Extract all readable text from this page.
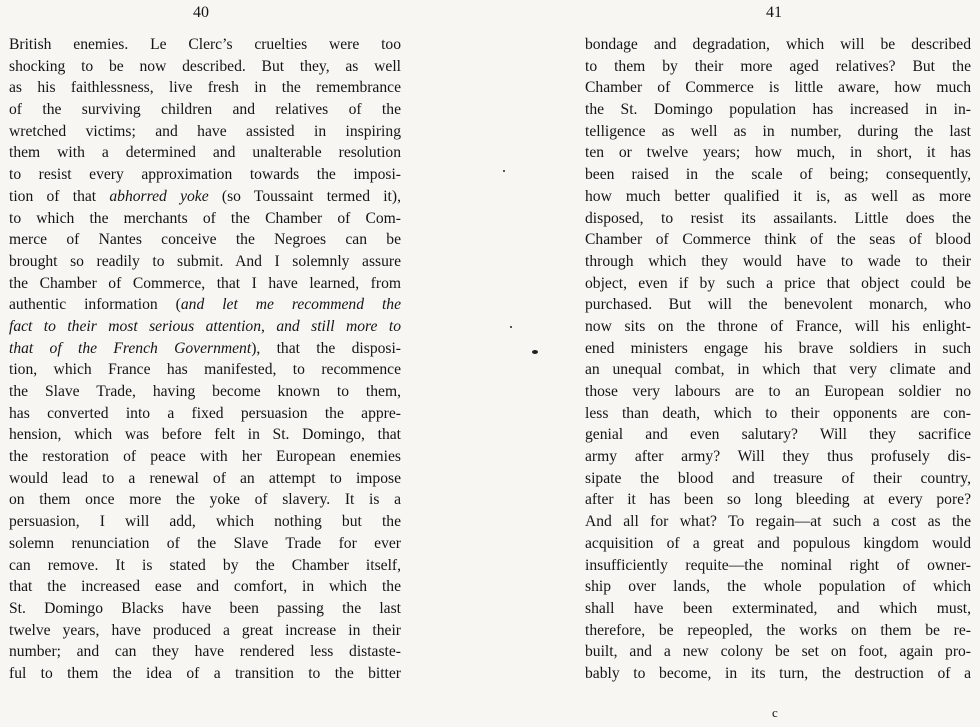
40
British enemies. Le Clerc’s cruelties were too
shocking to be now described. But they, as well
as his faithlessness, live fresh in the remembrance
of the surviving children and relatives of the
wretched victims; and have assisted in inspiring
them with a determined and unalterable resolution
to resist every approximation towards the imposi-
tion of that abhorred yoke (so Toussaint termed it),
to which the merchants of the Chamber of Com-
merce of Nantes conceive the Negroes can be
brought so readily to submit. And I solemnly assure
the Chamber of Commerce, that I have learned, from
authentic information (and let me recommend the
fact to their most serious attention, and still more to
that of the French Government), that the disposi-
tion, which France has manifested, to recommence
the Slave Trade, having become known to them,
has converted into a fixed persuasion the appre-
hension, which was before felt in St. Domingo, that
the restoration of peace with her European enemies
would lead to a renewal of an attempt to impose
on them once more the yoke of slavery. It is a
persuasion, I will add, which nothing but the
solemn renunciation of the Slave Trade for ever
can remove. It is stated by the Chamber itself,
that the increased ease and comfort, in which the
St. Domingo Blacks have been passing the last
twelve years, have produced a great increase in their
number; and can they have rendered less distaste-
ful to them the idea of a transition to the bitter
41
bondage and degradation, which will be described
to them by their more aged relatives? But the
Chamber of Commerce is little aware, how much
the St. Domingo population has increased in in-
telligence as well as in number, during the last
ten or twelve years; how much, in short, it has
been raised in the scale of being; consequently,
how much better qualified it is, as well as more
disposed, to resist its assailants. Little does the
Chamber of Commerce think of the seas of blood
through which they would have to wade to their
object, even if by such a price that object could be
purchased. But will the benevolent monarch, who
now sits on the throne of France, will his enlight-
ened ministers engage his brave soldiers in such
an unequal combat, in which that very climate and
those very labours are to an European soldier no
less than death, which to their opponents are con-
genial and even salutary? Will they sacrifice
army after army? Will they thus profusely dis-
sipate the blood and treasure of their country,
after it has been so long bleeding at every pore?
And all for what? To regain—at such a cost as the
acquisition of a great and populous kingdom would
insufficiently requite—the nominal right of owner-
ship over lands, the whole population of which
shall have been exterminated, and which must,
therefore, be repeopled, the works on them be re-
built, and a new colony be set on foot, again pro-
bably to become, in its turn, the destruction of a
c
